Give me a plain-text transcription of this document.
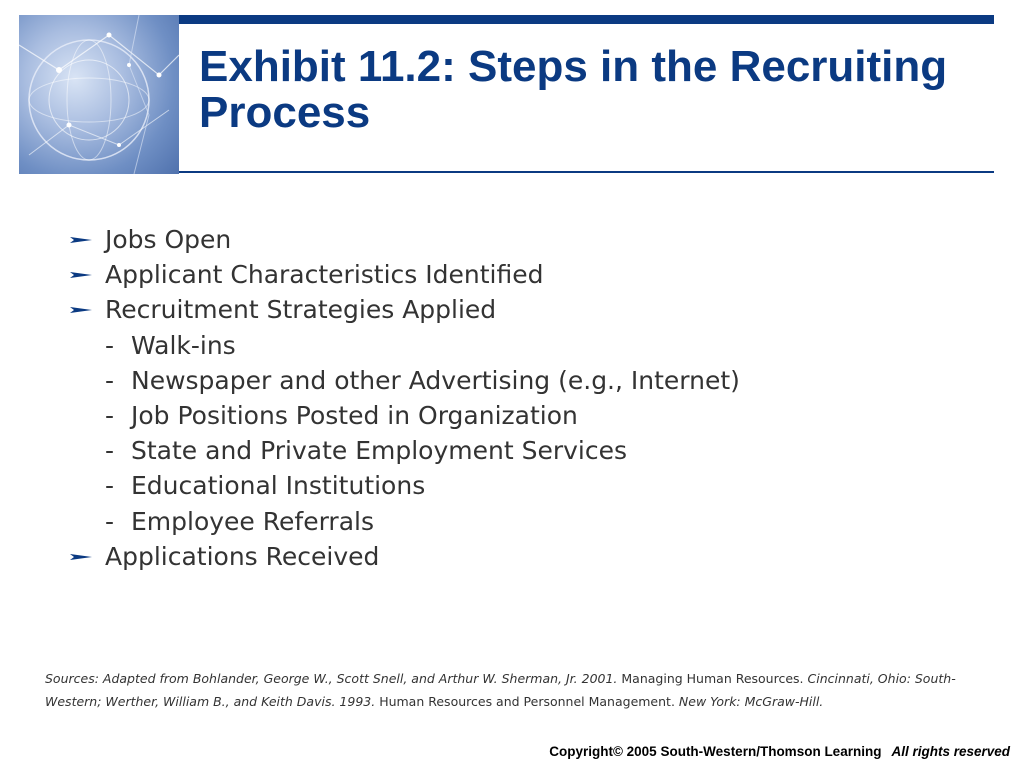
Exhibit 11.2: Steps in the Recruiting Process
Jobs Open
Applicant Characteristics Identified
Recruitment Strategies Applied
- Walk-ins
- Newspaper and other Advertising (e.g., Internet)
- Job Positions Posted in Organization
- State and Private Employment Services
- Educational Institutions
- Employee Referrals
Applications Received

Sources: Adapted from Bohlander, George W., Scott Snell, and Arthur W. Sherman, Jr. 2001. Managing Human Resources. Cincinnati, Ohio: South-Western; Werther, William B., and Keith Davis. 1993. Human Resources and Personnel Management. New York: McGraw-Hill.

Copyright© 2005 South-Western/Thomson Learning All rights reserved
